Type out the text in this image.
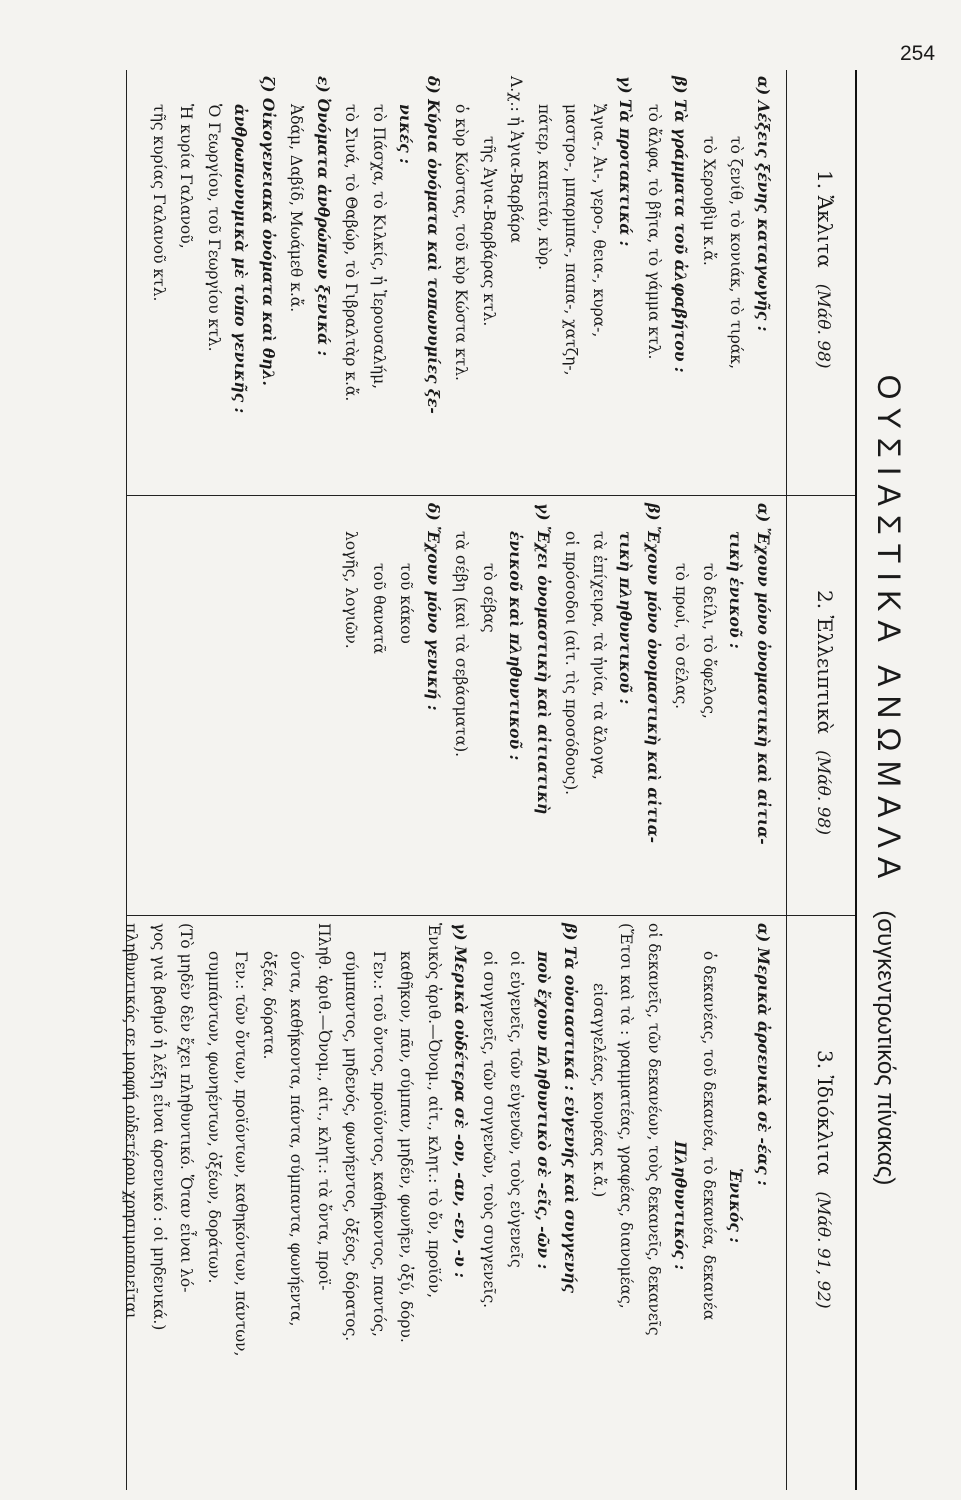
254
ΟΥΣΙΑΣΤΙΚΑ ΑΝΩΜΑΛΑ (συγκεντρωτικός πίνακας)
1. Ἄκλιτα(Μάθ. 98)
2. Ἐλλειπτικὰ(Μάθ. 98)
3. Ἰδιόκλιτα(Μάθ. 91, 92)

α) Λέξεις ξένης καταγωγῆς :

τὸ ζενίθ, τὸ κονιάκ, τὸ τιράκ,

τὸ Χερουβὶμ κ.ἄ.

β) Τὰ γράμματα τοῦ ἀλφαβήτου :

τὸ ἄλφα, τὸ βῆτα, τὸ γάμμα κτλ.

γ) Τὰ προτακτικά :

Ἄγια-, Ἀι-, γερο-, θεια-, κυρα-,

μαστρο-, μπαρμπα-, παπα-, χατζη-,

πάτερ, καπετάν, κὺρ.

Λ.χ.: ἡ Ἁγια-Βαρβάρα

τῆς Ἁγια-Βαρβάρας κτλ.

ὁ κὺρ Κώστας, τοῦ κὺρ Κώστα κτλ.

δ) Κύρια ὀνόματα καὶ τοπωνυμίες ξε-

νικές :

τὸ Πάσχα, τὸ Κιλκίς, ἡ Ἰερουσαλήμ,

τὸ Σινά, τὸ Θαβώρ, τὸ Γιβραλτὰρ κ.ἄ.

ε) Ὀνόματα ἀνθρώπων ξενικά :

Ἀδάμ, Δαβίδ, Μωάμεθ κ.ἄ.

ζ) Οἰκογενειακὰ ὀνόματα καὶ θηλ.

ἀνθρωπωνυμικὰ μὲ τύπο γενικῆς :

Ὁ Γεωργίου, τοῦ Γεωργίου κτλ.

Ἡ κυρία Γαλανοῦ,

τῆς κυρίας Γαλανοῦ κτλ.

α) Ἔχουν μόνο ὀνομαστικὴ καὶ αἰτια-

τικὴ ἑνικοῦ :

τὸ δείλι, τὸ ὄφελος,

τὸ πρωί, τὸ σέλας.

β) Ἔχουν μόνο ὀνομαστικὴ καὶ αἰτια-

τικὴ πληθυντικοῦ :

τὰ ἐπίχειρα, τὰ ἡνία, τὰ ἄλογα,

οἱ πρόσοδοι (αἰτ. τὶς προσόδους).

γ) Ἔχει ὀνομαστικὴ καὶ αἰτιατικὴ

ἑνικοῦ καὶ πληθυντικοῦ :

τὸ σέβας

τὰ σέβη (καὶ τὰ σεβάσματα).

δ) Ἔχουν μόνο γενική :

τοῦ κάκου

τοῦ θανατᾶ

λογῆς, λογιῶν.

α) Μερικὰ ἀρσενικὰ σὲ -έας :

Ἑνικός :

ὁ δεκανέας, τοῦ δεκανέα, τὸ δεκανέα, δεκανέα

Πληθυντικός :

οἱ δεκανεῖς, τῶν δεκανέων, τοὺς δεκανεῖς, δεκανεῖς

(Ἔτσι καὶ τὰ : γραμματέας, γραφέας, διανομέας,

εἰσαγγελέας, κουρέας κ.ἄ.)

β) Τὰ οὐσιαστικά : εὐγενής καὶ συγγενής

ποὺ ἔχουν πληθυντικὸ σὲ -εῖς, -ῶν :

οἱ εὐγενεῖς, τῶν εὐγενῶν, τοὺς εὐγενεῖς

οἱ συγγενεῖς, τῶν συγγενῶν, τοὺς συγγενεῖς.

γ) Μερικὰ οὐδέτερα σὲ -ον, -αν, -εν, -υ :

Ἑνικὸς ἀριθ.—Ὀνομ., αἰτ., κλητ.: τὸ ὄν, προϊόν,

καθῆκον, πᾶν, σύμπαν, μηδέν, φωνῆεν, ὀξύ, δόρυ.

Γεν.: τοῦ ὄντος, προϊόντος, καθήκοντος, παντός,

σύμπαντος, μηδενός, φωνήεντος, ὀξέος, δόρατος.

Πληθ. ἀριθ.—Ὀνομ., αἰτ., κλητ.: τὰ ὄντα, προϊ-

όντα, καθήκοντα, πάντα, σύμπαντα, φωνήεντα,

ὀξέα, δόρατα.

Γεν.: τῶν ὄντων, προϊόντων, καθηκόντων, πάντων,

συμπάντων, φωνηέντων, ὀξέων, δοράτων.

(Τὸ μηδὲν δὲν ἔχει πληθυντικό. Ὅταν εἶναι λό-

γος γιὰ βαθμό ἡ λέξη εἶναι ἀρσενικό : οἱ μηδενικά.)

πληθυντικός σε μορφή οὐδετέρου χρησιμοποιεῖται
